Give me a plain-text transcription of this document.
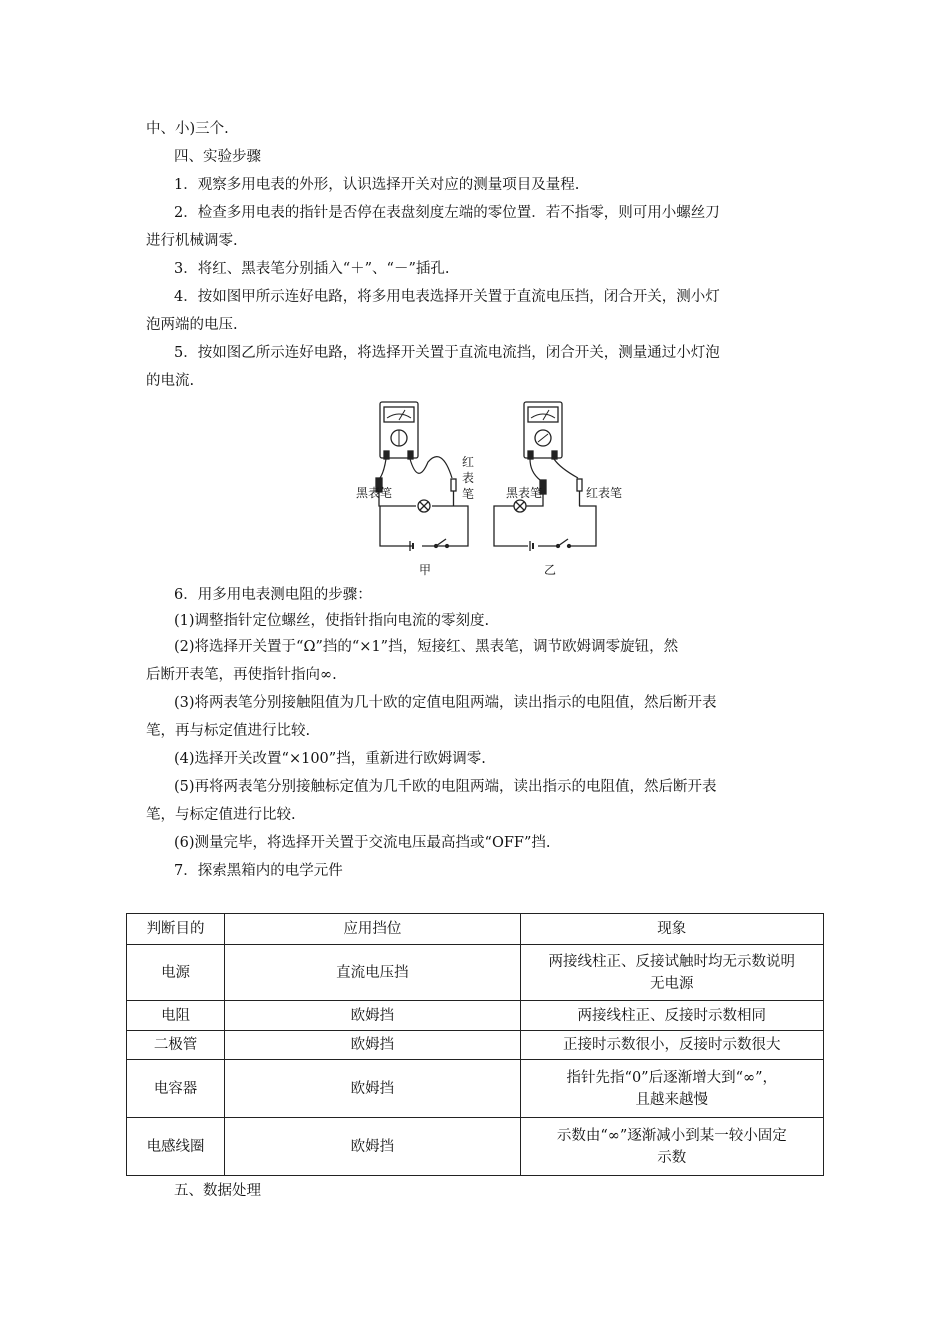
中、小)三个.

四、实验步骤

1．观察多用电表的外形，认识选择开关对应的测量项目及量程.

2．检查多用电表的指针是否停在表盘刻度左端的零位置．若不指零，则可用小螺丝刀

进行机械调零.

3．将红、黑表笔分别插入“＋”、“－”插孔.

4．按如图甲所示连好电路，将多用电表选择开关置于直流电压挡，闭合开关，测小灯

泡两端的电压.

5．按如图乙所示连好电路，将选择开关置于直流电流挡，闭合开关，测量通过小灯泡

的电流.

红
表
笔
黑表笔	黑表笔	红表笔
甲	乙

6．用多用电表测电阻的步骤：

(1)调整指针定位螺丝，使指针指向电流的零刻度.

(2)将选择开关置于“Ω”挡的“×1”挡，短接红、黑表笔，调节欧姆调零旋钮，然

后断开表笔，再使指针指向∞.

(3)将两表笔分别接触阻值为几十欧的定值电阻两端，读出指示的电阻值，然后断开表

笔，再与标定值进行比较.

(4)选择开关改置“×100”挡，重新进行欧姆调零.

(5)再将两表笔分别接触标定值为几千欧的电阻两端，读出指示的电阻值，然后断开表

笔，与标定值进行比较.

(6)测量完毕，将选择开关置于交流电压最高挡或“OFF”挡.

7．探索黑箱内的电学元件

判断目的	应用挡位	现象
电源	直流电压挡	两接线柱正、反接试触时均无示数说明
无电源

电阻	欧姆挡	两接线柱正、反接时示数相同
二极管	欧姆挡	正接时示数很小，反接时示数很大
电容器	欧姆挡	指针先指“0”后逐渐增大到“∞”，
且越来越慢

电感线圈	欧姆挡	示数由“∞”逐渐减小到某一较小固定
示数

五、数据处理
